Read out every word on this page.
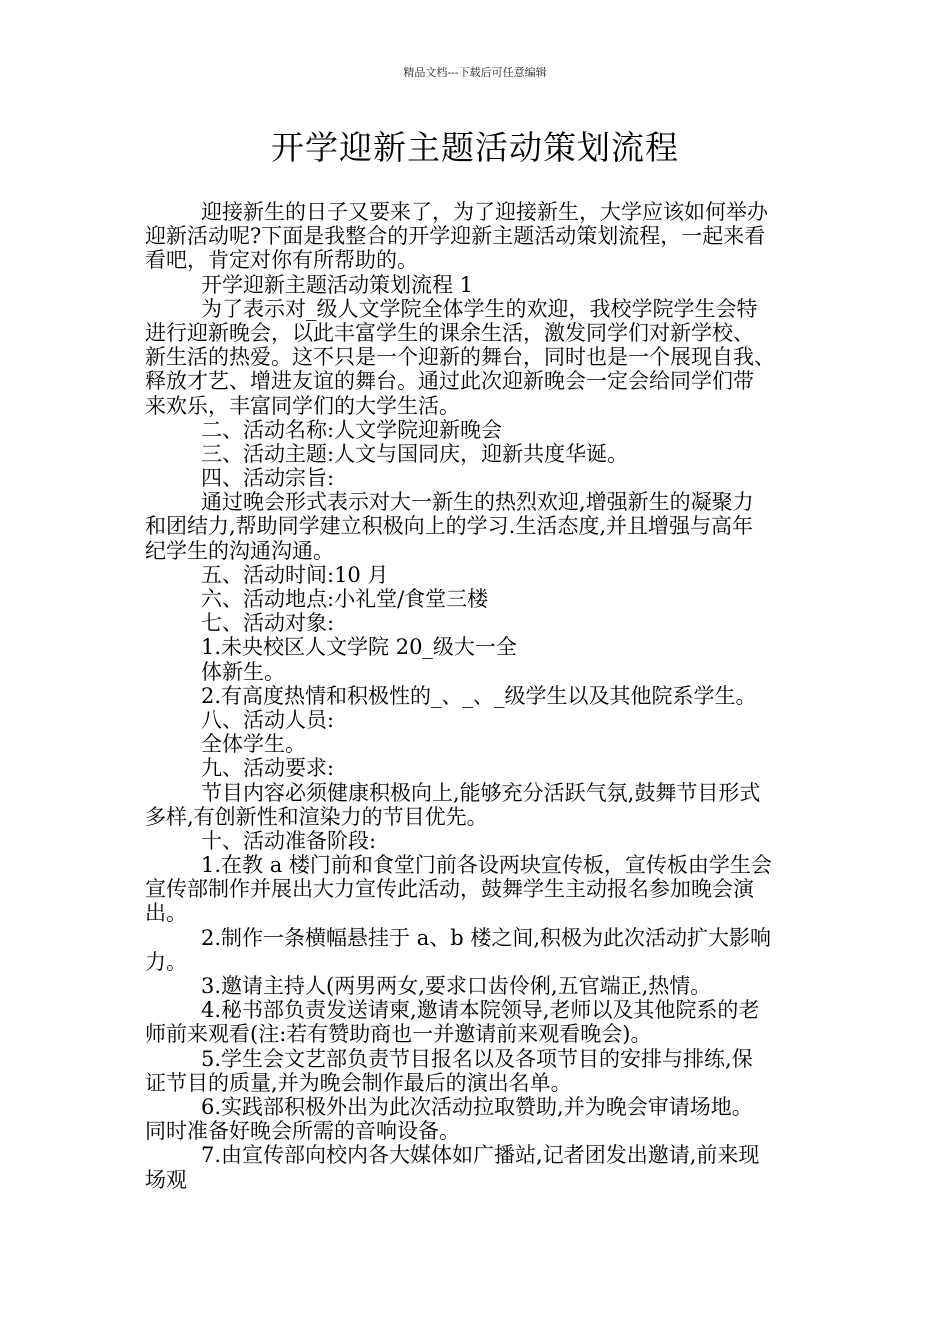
精品文档---下载后可任意编辑
开学迎新主题活动策划流程
迎接新生的日子又要来了，为了迎接新生，大学应该如何举办
迎新活动呢?下面是我整合的开学迎新主题活动策划流程，一起来看
看吧，肯定对你有所帮助的。
开学迎新主题活动策划流程 1
为了表示对_级人文学院全体学生的欢迎，我校学院学生会特
进行迎新晚会，以此丰富学生的课余生活，激发同学们对新学校、
新生活的热爱。这不只是一个迎新的舞台，同时也是一个展现自我、
释放才艺、增进友谊的舞台。通过此次迎新晚会一定会给同学们带
来欢乐，丰富同学们的大学生活。
二、活动名称:人文学院迎新晚会
三、活动主题:人文与国同庆，迎新共度华诞。
四、活动宗旨:
通过晚会形式表示对大一新生的热烈欢迎,增强新生的凝聚力
和团结力,帮助同学建立积极向上的学习.生活态度,并且增强与高年
纪学生的沟通沟通。
五、活动时间:10 月
六、活动地点:小礼堂/食堂三楼
七、活动对象:
1.未央校区人文学院 20_级大一全
体新生。
2.有高度热情和积极性的_、_、_级学生以及其他院系学生。
八、活动人员:
全体学生。
九、活动要求:
节目内容必须健康积极向上,能够充分活跃气氛,鼓舞节目形式
多样,有创新性和渲染力的节目优先。
十、活动准备阶段:
1.在教 a 楼门前和食堂门前各设两块宣传板，宣传板由学生会
宣传部制作并展出大力宣传此活动，鼓舞学生主动报名参加晚会演
出。
2.制作一条横幅悬挂于 a、b 楼之间,积极为此次活动扩大影响
力。
3.邀请主持人(两男两女,要求口齿伶俐,五官端正,热情。
4.秘书部负责发送请柬,邀请本院领导,老师以及其他院系的老
师前来观看(注:若有赞助商也一并邀请前来观看晚会)。
5.学生会文艺部负责节目报名以及各项节目的安排与排练,保
证节目的质量,并为晚会制作最后的演出名单。
6.实践部积极外出为此次活动拉取赞助,并为晚会审请场地。
同时准备好晚会所需的音响设备。
7.由宣传部向校内各大媒体如广播站,记者团发出邀请,前来现
场观
